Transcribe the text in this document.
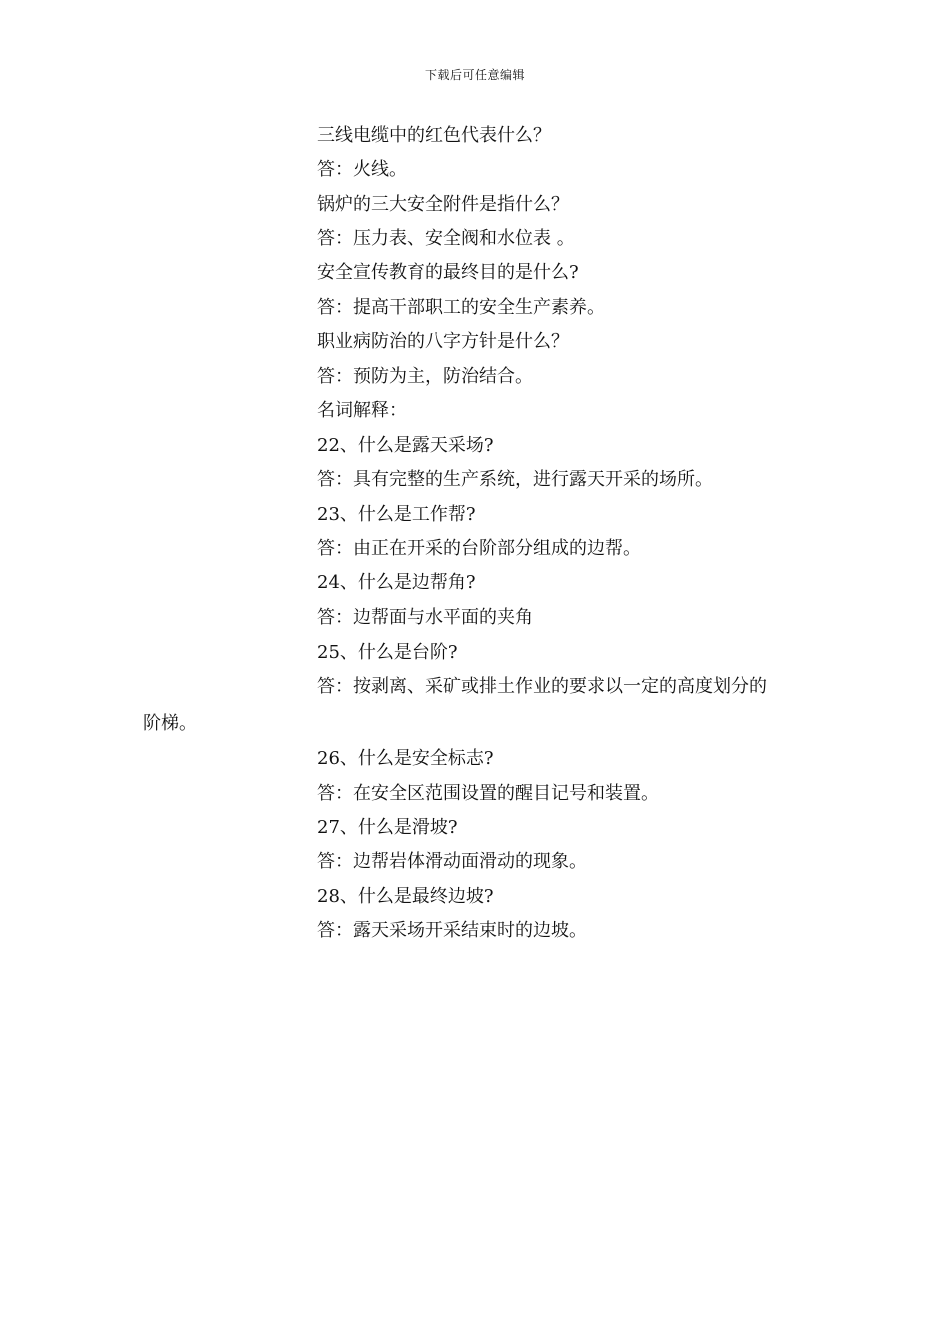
下载后可任意编辑
三线电缆中的红色代表什么？
答：火线。
锅炉的三大安全附件是指什么？
答：压力表、安全阀和水位表 。
安全宣传教育的最终目的是什么?
答：提高干部职工的安全生产素养。
职业病防治的八字方针是什么？
答：预防为主，防治结合。
名词解释：
22、什么是露天采场?
答：具有完整的生产系统，进行露天开采的场所。
23、什么是工作帮?
答：由正在开采的台阶部分组成的边帮。
24、什么是边帮角?
答：边帮面与水平面的夹角
25、什么是台阶?
答：按剥离、采矿或排土作业的要求以一定的高度划分的
阶梯。
26、什么是安全标志?
答：在安全区范围设置的醒目记号和装置。
27、什么是滑坡?
答：边帮岩体滑动面滑动的现象。
28、什么是最终边坡?
答：露天采场开采结束时的边坡。
